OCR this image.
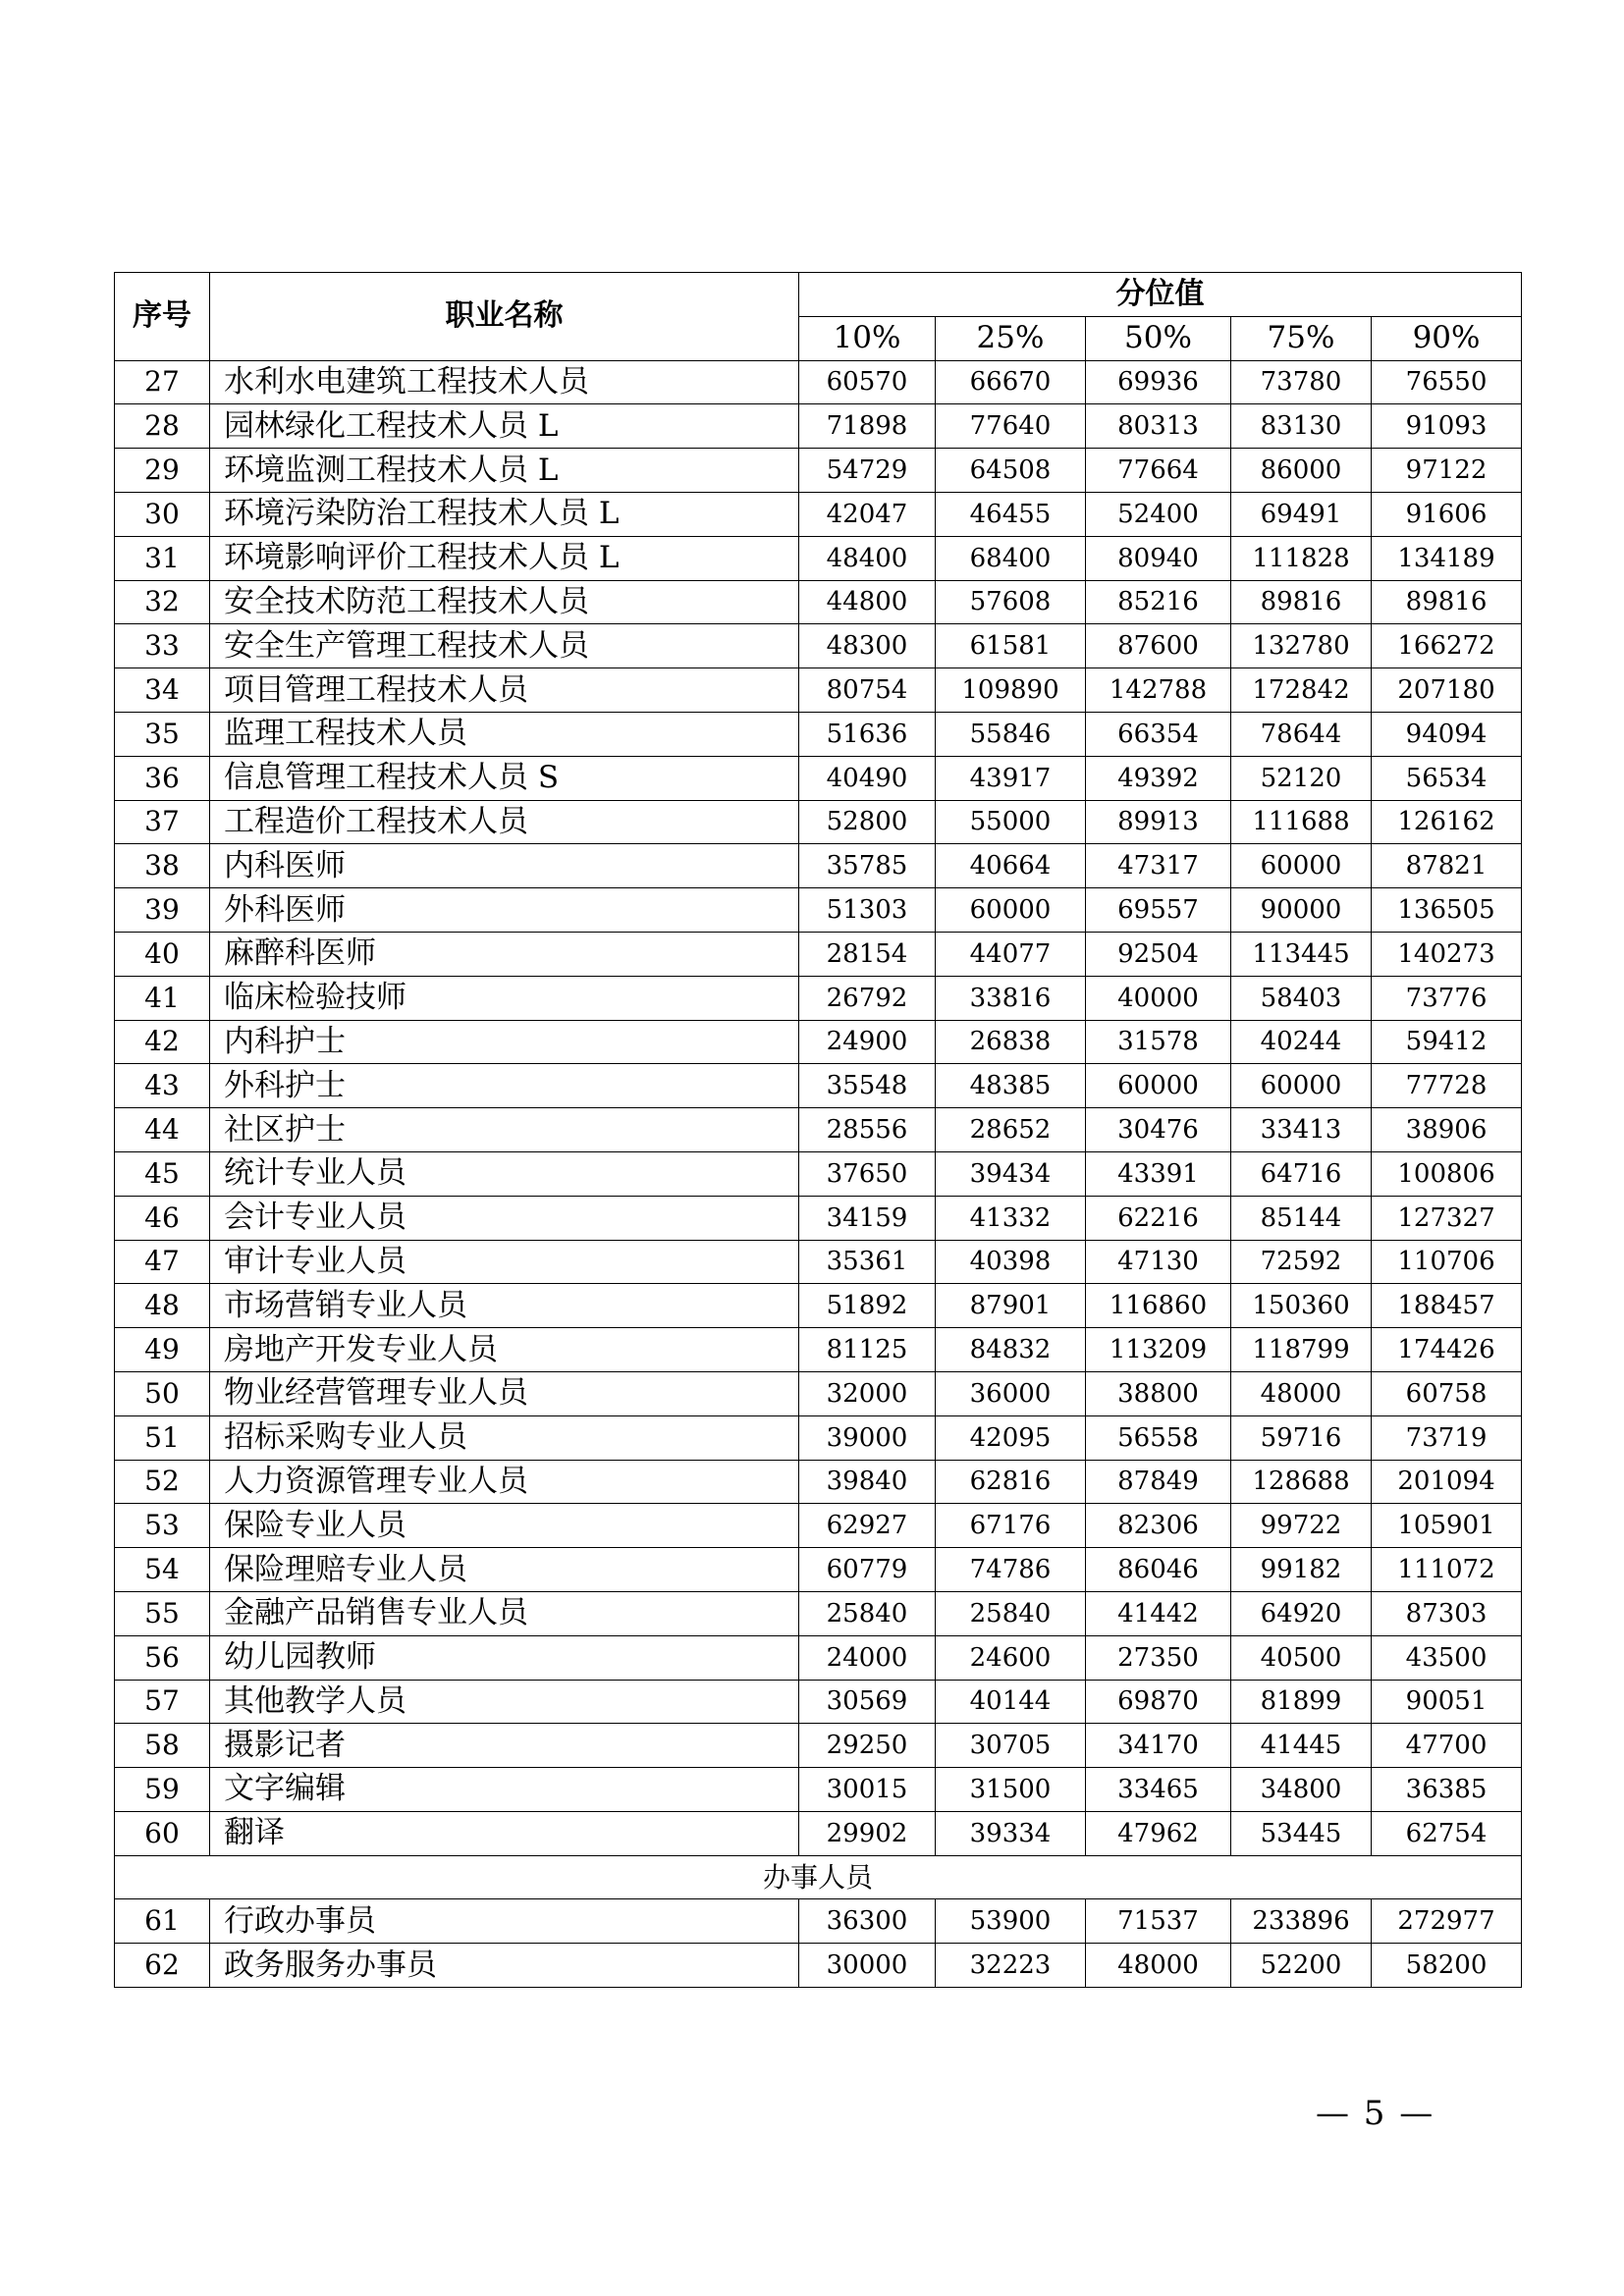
序号	职业名称	分位值				
		10%	25%	50%	75%	90%
27	水利水电建筑工程技术人员	60570	66670	69936	73780	76550
28	园林绿化工程技术人员 L	71898	77640	80313	83130	91093
29	环境监测工程技术人员 L	54729	64508	77664	86000	97122
30	环境污染防治工程技术人员 L	42047	46455	52400	69491	91606
31	环境影响评价工程技术人员 L	48400	68400	80940	111828	134189
32	安全技术防范工程技术人员	44800	57608	85216	89816	89816
33	安全生产管理工程技术人员	48300	61581	87600	132780	166272
34	项目管理工程技术人员	80754	109890	142788	172842	207180
35	监理工程技术人员	51636	55846	66354	78644	94094
36	信息管理工程技术人员 S	40490	43917	49392	52120	56534
37	工程造价工程技术人员	52800	55000	89913	111688	126162
38	内科医师	35785	40664	47317	60000	87821
39	外科医师	51303	60000	69557	90000	136505
40	麻醉科医师	28154	44077	92504	113445	140273
41	临床检验技师	26792	33816	40000	58403	73776
42	内科护士	24900	26838	31578	40244	59412
43	外科护士	35548	48385	60000	60000	77728
44	社区护士	28556	28652	30476	33413	38906
45	统计专业人员	37650	39434	43391	64716	100806
46	会计专业人员	34159	41332	62216	85144	127327
47	审计专业人员	35361	40398	47130	72592	110706
48	市场营销专业人员	51892	87901	116860	150360	188457
49	房地产开发专业人员	81125	84832	113209	118799	174426
50	物业经营管理专业人员	32000	36000	38800	48000	60758
51	招标采购专业人员	39000	42095	56558	59716	73719
52	人力资源管理专业人员	39840	62816	87849	128688	201094
53	保险专业人员	62927	67176	82306	99722	105901
54	保险理赔专业人员	60779	74786	86046	99182	111072
55	金融产品销售专业人员	25840	25840	41442	64920	87303
56	幼儿园教师	24000	24600	27350	40500	43500
57	其他教学人员	30569	40144	69870	81899	90051
58	摄影记者	29250	30705	34170	41445	47700
59	文字编辑	30015	31500	33465	34800	36385
60	翻译	29902	39334	47962	53445	62754
办事人员						
61	行政办事员	36300	53900	71537	233896	272977
62	政务服务办事员	30000	32223	48000	52200	58200
— 5 —
